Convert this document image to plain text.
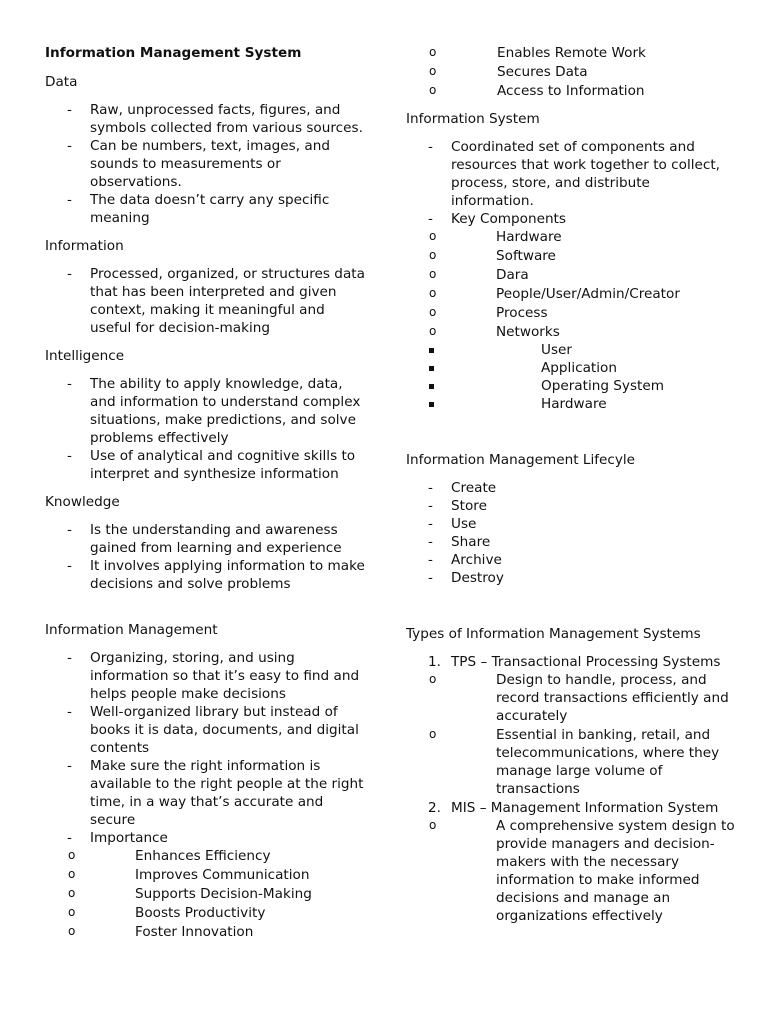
Information Management System
Data
- Raw, unprocessed facts, figures, and symbols collected from various sources.
- Can be numbers, text, images, and sounds to measurements or observations.
- The data doesn’t carry any specific meaning
Information
- Processed, organized, or structures data that has been interpreted and given context, making it meaningful and useful for decision-making
Intelligence
- The ability to apply knowledge, data, and information to understand complex situations, make predictions, and solve problems effectively
- Use of analytical and cognitive skills to interpret and synthesize information
Knowledge
- Is the understanding and awareness gained from learning and experience
- It involves applying information to make decisions and solve problems
Information Management
- Organizing, storing, and using information so that it’s easy to find and helps people make decisions
- Well-organized library but instead of books it is data, documents, and digital contents
- Make sure the right information is available to the right people at the right time, in a way that’s accurate and secure
- Importance
o Enhances Efficiency
o Improves Communication
o Supports Decision-Making
o Boosts Productivity
o Foster Innovation
o Enables Remote Work
o Secures Data
o Access to Information
Information System
- Coordinated set of components and resources that work together to collect, process, store, and distribute information.
- Key Components
o Hardware
o Software
o Dara
o People/User/Admin/Creator
o Process
o Networks
User
Application
Operating System
Hardware
Information Management Lifecyle
- Create
- Store
- Use
- Share
- Archive
- Destroy
Types of Information Management Systems
1. TPS – Transactional Processing Systems
o Design to handle, process, and record transactions efficiently and accurately
o Essential in banking, retail, and telecommunications, where they manage large volume of transactions
2. MIS – Management Information System
o A comprehensive system design to provide managers and decision-makers with the necessary information to make informed decisions and manage an organizations effectively
